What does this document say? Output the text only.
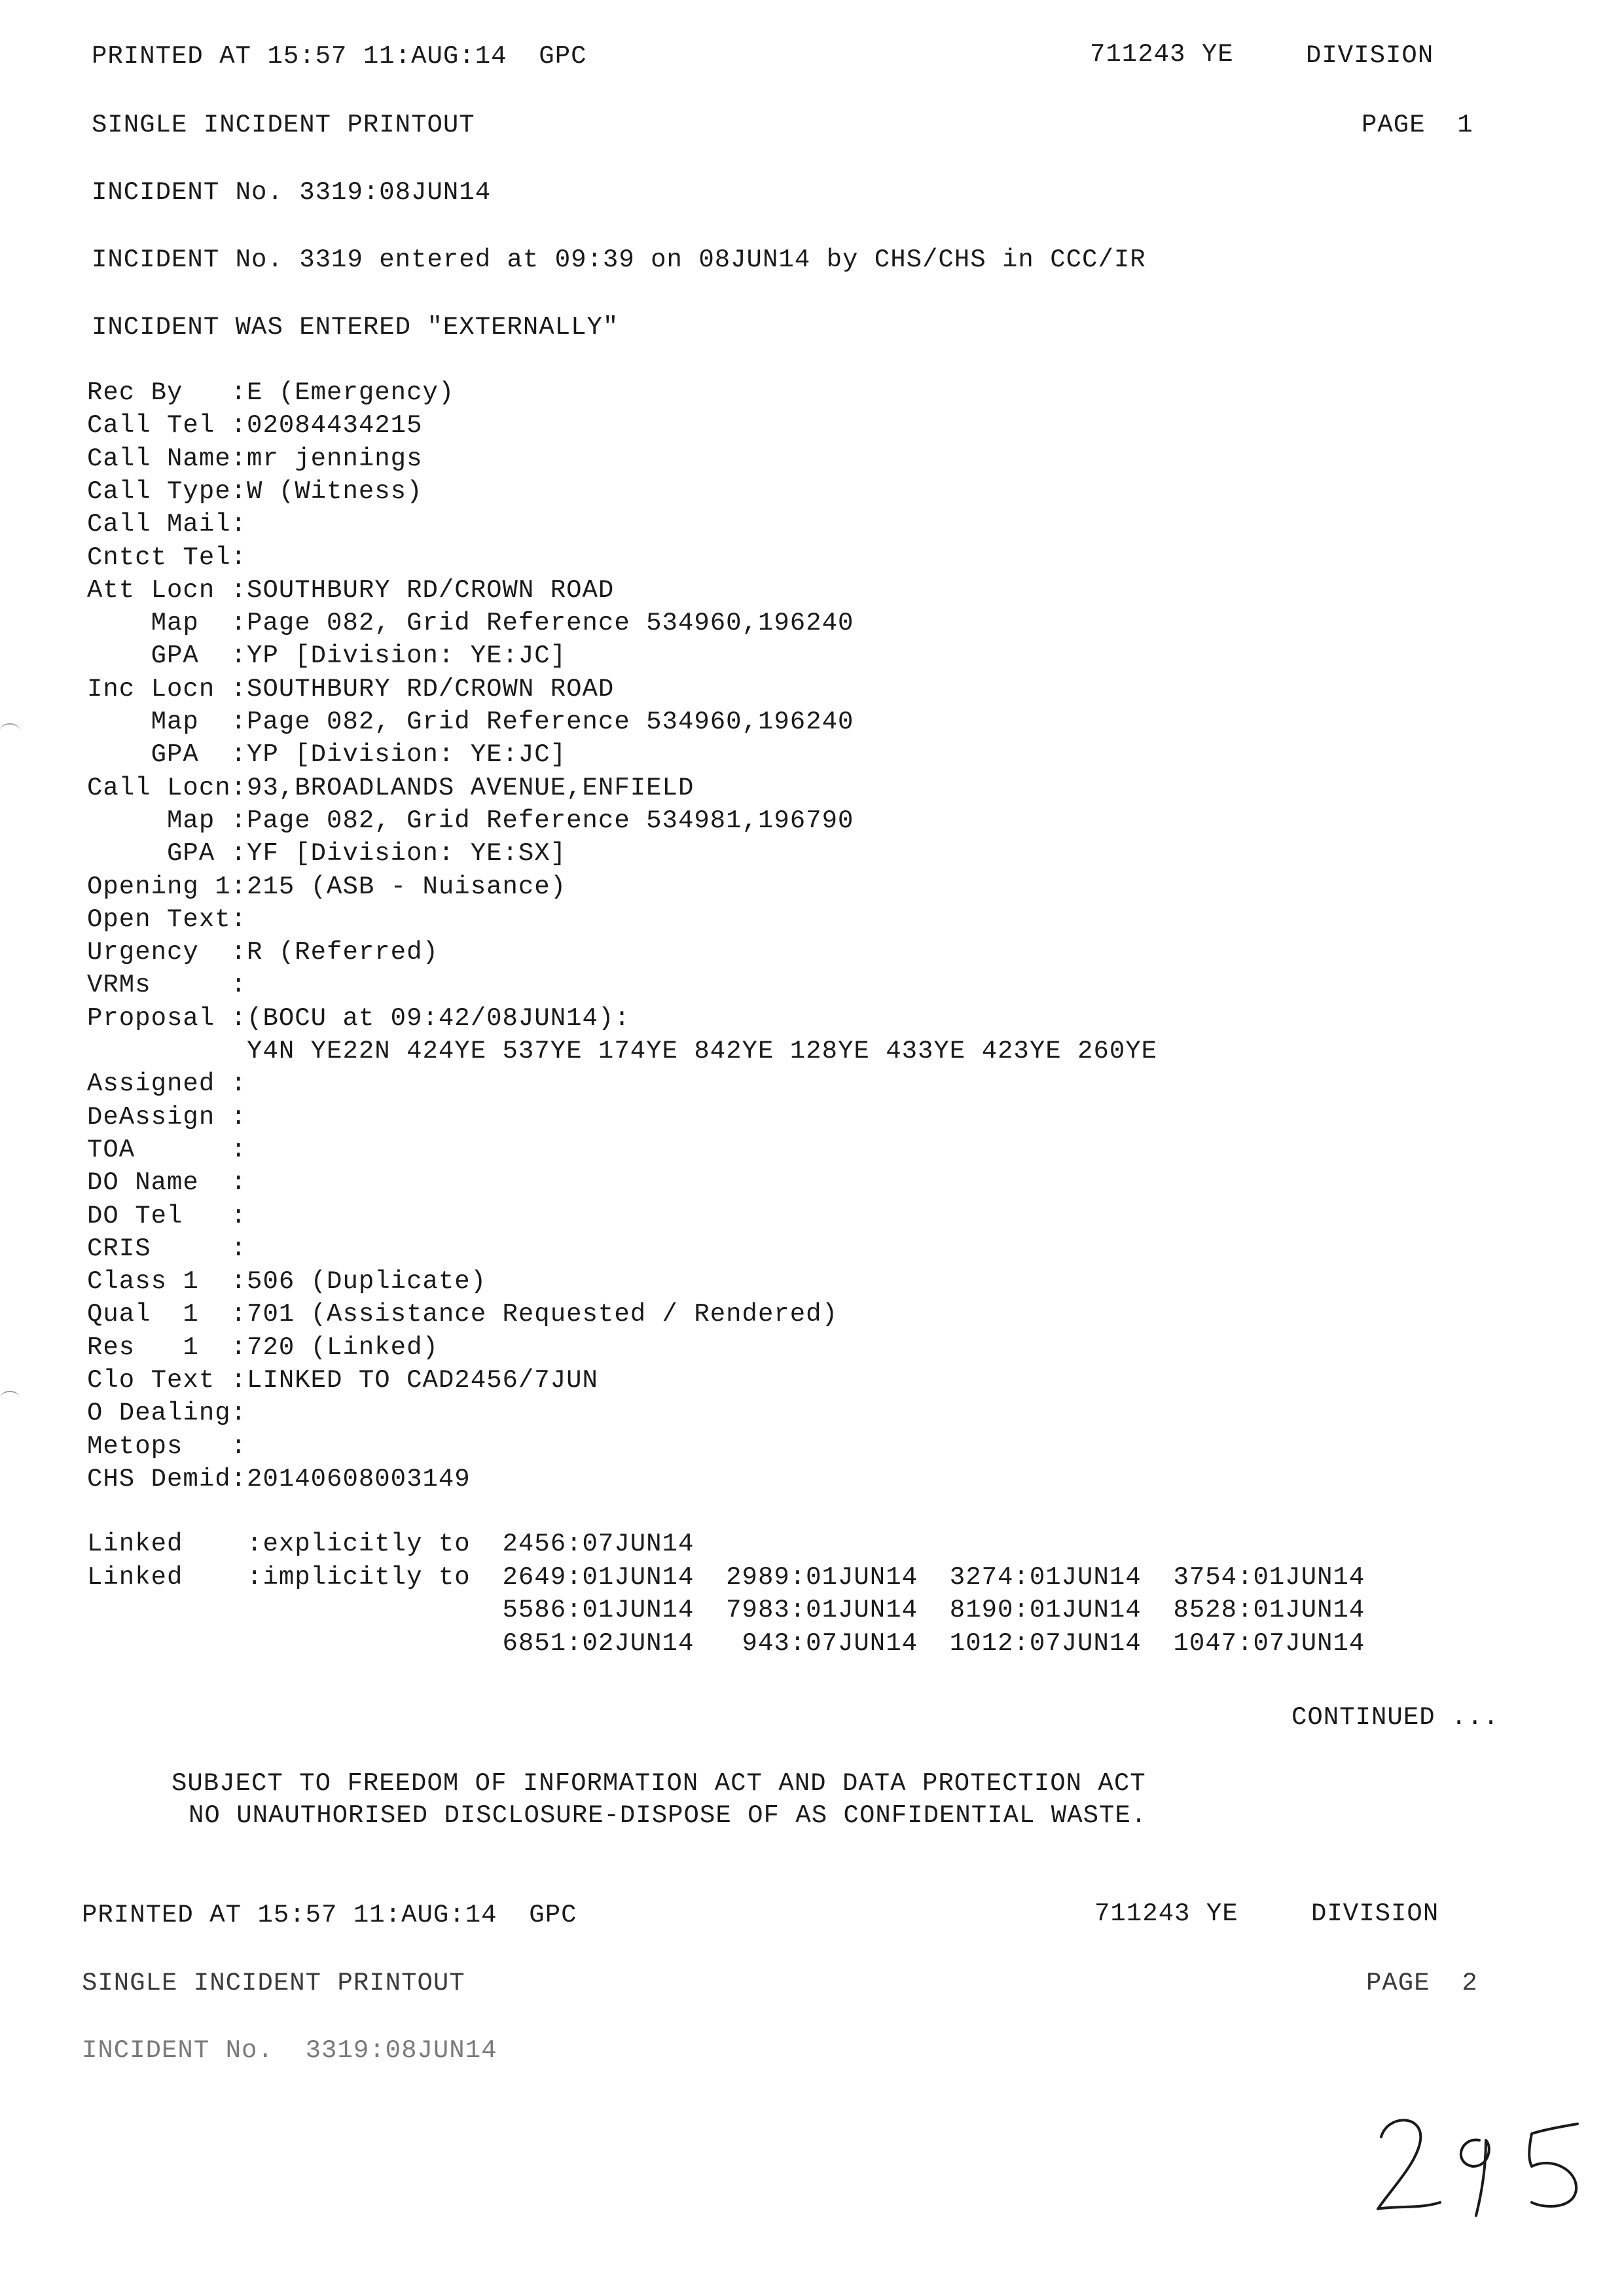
PRINTED AT 15:57 11:AUG:14  GPC	711243 YE	DIVISION
SINGLE INCIDENT PRINTOUT	PAGE  1
INCIDENT No. 3319:08JUN14
INCIDENT No. 3319 entered at 09:39 on 08JUN14 by CHS/CHS in CCC/IR
INCIDENT WAS ENTERED "EXTERNALLY"
Rec By   :E (Emergency)
Call Tel :02084434215
Call Name:mr jennings
Call Type:W (Witness)
Call Mail:
Cntct Tel:
Att Locn :SOUTHBURY RD/CROWN ROAD
Map  :Page 082, Grid Reference 534960,196240
GPA  :YP [Division: YE:JC]
Inc Locn :SOUTHBURY RD/CROWN ROAD
Map  :Page 082, Grid Reference 534960,196240
GPA  :YP [Division: YE:JC]
Call Locn:93,BROADLANDS AVENUE,ENFIELD
Map :Page 082, Grid Reference 534981,196790
GPA :YF [Division: YE:SX]
Opening 1:215 (ASB - Nuisance)
Open Text:
Urgency  :R (Referred)
VRMs     :
Proposal :(BOCU at 09:42/08JUN14):
Y4N YE22N 424YE 537YE 174YE 842YE 128YE 433YE 423YE 260YE
Assigned :
DeAssign :
TOA      :
DO Name  :
DO Tel   :
CRIS     :
Class 1  :506 (Duplicate)
Qual  1  :701 (Assistance Requested / Rendered)
Res   1  :720 (Linked)
Clo Text :LINKED TO CAD2456/7JUN
O Dealing:
Metops   :
CHS Demid:20140608003149
Linked    :explicitly to  2456:07JUN14
Linked    :implicitly to  2649:01JUN14  2989:01JUN14  3274:01JUN14  3754:01JUN14
5586:01JUN14  7983:01JUN14  8190:01JUN14  8528:01JUN14
6851:02JUN14   943:07JUN14  1012:07JUN14  1047:07JUN14
CONTINUED ...
SUBJECT TO FREEDOM OF INFORMATION ACT AND DATA PROTECTION ACT
NO UNAUTHORISED DISCLOSURE-DISPOSE OF AS CONFIDENTIAL WASTE.
PRINTED AT 15:57 11:AUG:14  GPC	711243 YE	DIVISION
SINGLE INCIDENT PRINTOUT	PAGE  2
INCIDENT No.  3319:08JUN14
